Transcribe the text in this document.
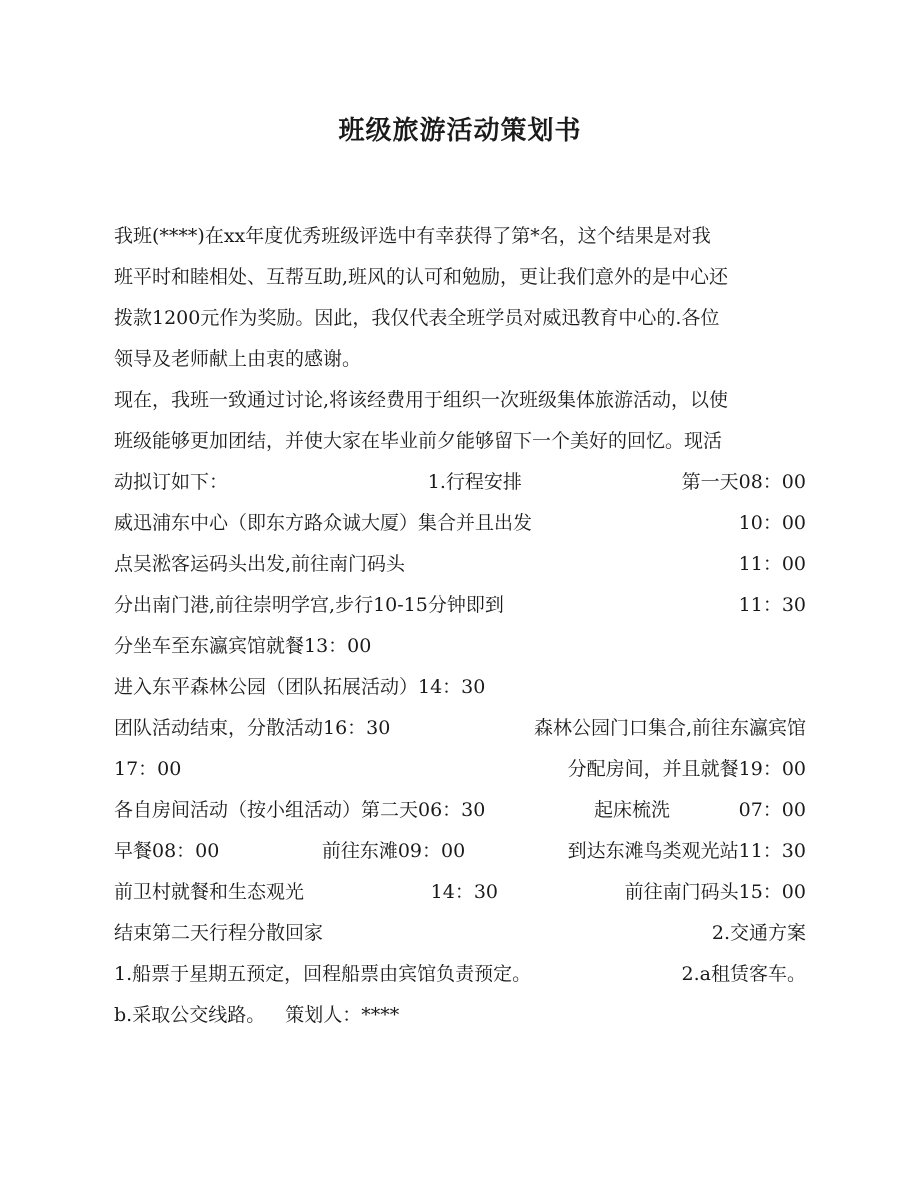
班级旅游活动策划书
我班(****)在xx年度优秀班级评选中有幸获得了第*名，这个结果是对我
班平时和睦相处、互帮互助,班风的认可和勉励，更让我们意外的是中心还
拨款1200元作为奖励。因此，我仅代表全班学员对威迅教育中心的.各位
领导及老师献上由衷的感谢。
现在，我班一致通过讨论,将该经费用于组织一次班级集体旅游活动，以使
班级能够更加团结，并使大家在毕业前夕能够留下一个美好的回忆。现活
动拟订如下：	1.行程安排	第一天08：00
威迅浦东中心（即东方路众诚大厦）集合并且出发	10：00
点吴淞客运码头出发,前往南门码头	11：00
分出南门港,前往崇明学宫,步行10-15分钟即到	11：30
分坐车至东瀛宾馆就餐13：00
进入东平森林公园（团队拓展活动）14：30
团队活动结束，分散活动16：30	森林公园门口集合,前往东瀛宾馆
17：00	分配房间，并且就餐19：00
各自房间活动（按小组活动）第二天06：30	起床梳洗	07：00
早餐08：00	前往东滩09：00	到达东滩鸟类观光站11：30
前卫村就餐和生态观光	14：30	前往南门码头15：00
结束第二天行程分散回家	2.交通方案
1.船票于星期五预定，回程船票由宾馆负责预定。	2.a租赁客车。
b.采取公交线路。 策划人：****
